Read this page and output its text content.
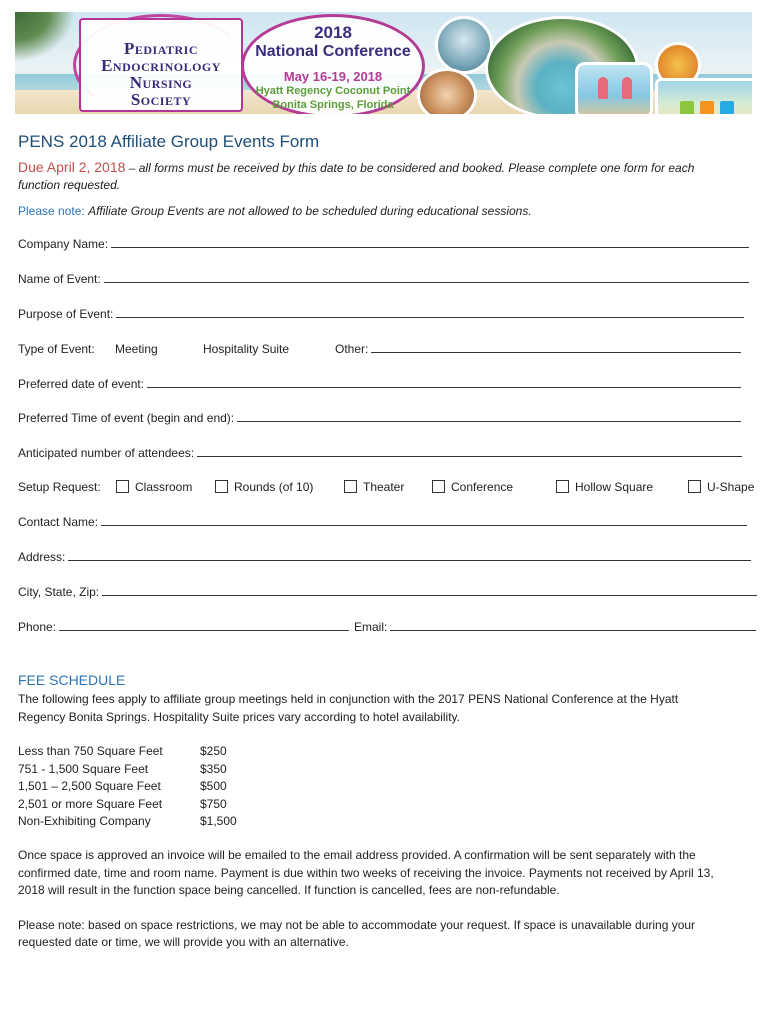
Pediatric
Endocrinology
Nursing
Society
2018
National Conference
May 16-19, 2018
Hyatt Regency Coconut Point
Bonita Springs, Florida
PENS 2018 Affiliate Group Events Form
Due April 2, 2018 – all forms must be received by this date to be considered and booked. Please complete one form for each
function requested.
Please note: Affiliate Group Events are not allowed to be scheduled during educational sessions.
Company Name:
Name of Event:
Purpose of Event:
Type of Event: Meeting	Hospitality Suite	Other:
Preferred date of event:
Preferred Time of event (begin and end):
Anticipated number of attendees:
Setup Request:	Classroom	Rounds (of 10)	Theater	Conference	Hollow Square	U-Shape
Contact Name:
Address:
City, State, Zip:
Phone:	Email:
FEE SCHEDULE
The following fees apply to affiliate group meetings held in conjunction with the 2017 PENS National Conference at the Hyatt
Regency Bonita Springs. Hospitality Suite prices vary according to hotel availability.
Less than 750 Square Feet	$250
751 - 1,500 Square Feet	$350
1,501 – 2,500 Square Feet	$500
2,501 or more Square Feet	$750
Non-Exhibiting Company	$1,500
Once space is approved an invoice will be emailed to the email address provided. A confirmation will be sent separately with the
confirmed date, time and room name. Payment is due within two weeks of receiving the invoice. Payments not received by April 13,
2018 will result in the function space being cancelled. If function is cancelled, fees are non-refundable.
Please note: based on space restrictions, we may not be able to accommodate your request. If space is unavailable during your
requested date or time, we will provide you with an alternative.
